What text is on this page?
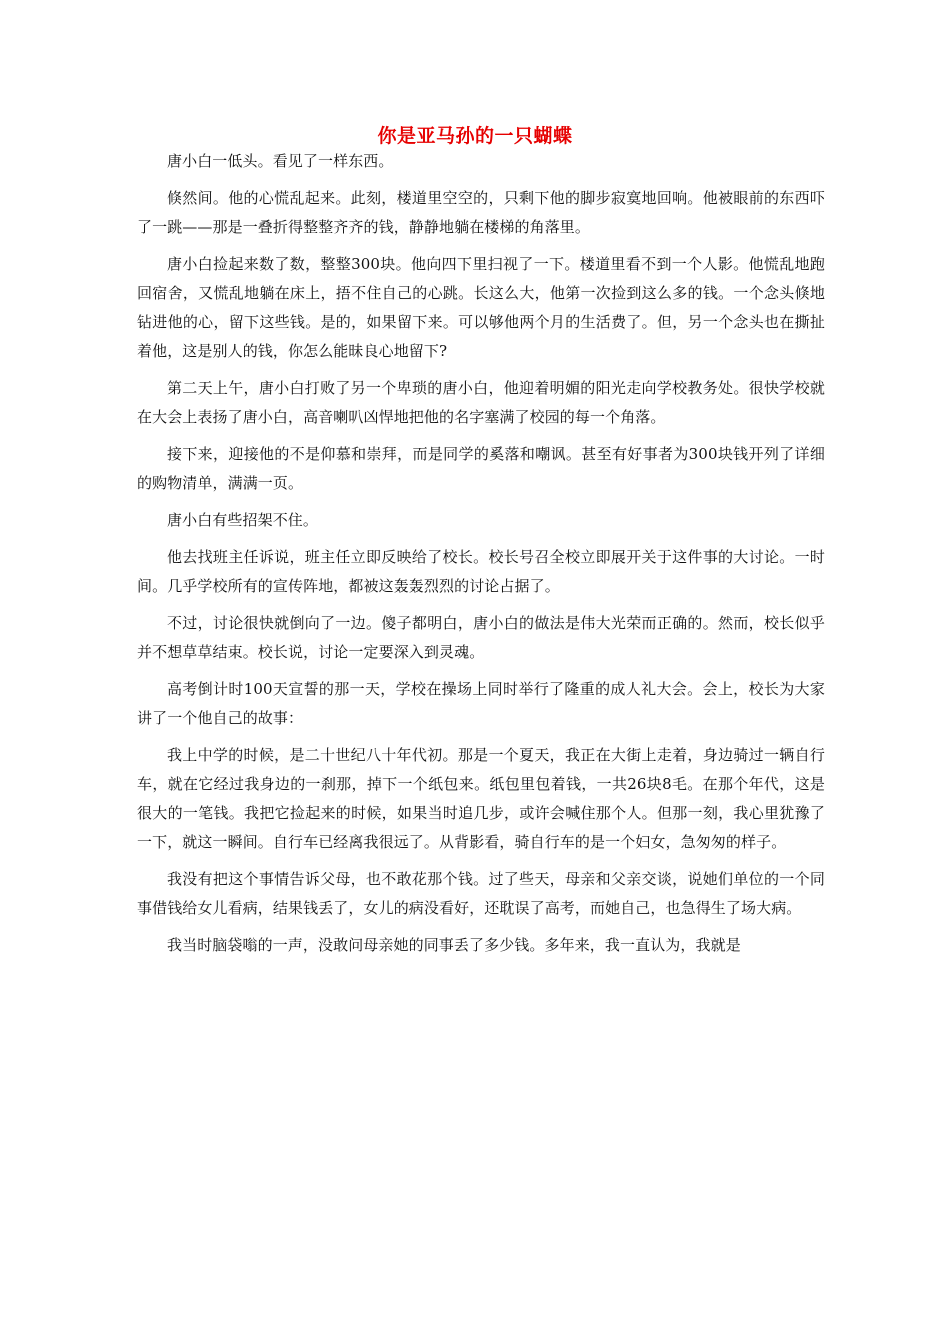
你是亚马孙的一只蝴蝶

唐小白一低头。看见了一样东西。

倏然间。他的心慌乱起来。此刻，楼道里空空的，只剩下他的脚步寂寞地回响。他被眼前的东西吓了一跳——那是一叠折得整整齐齐的钱，静静地躺在楼梯的角落里。

唐小白捡起来数了数，整整300块。他向四下里扫视了一下。楼道里看不到一个人影。他慌乱地跑回宿舍，又慌乱地躺在床上，捂不住自己的心跳。长这么大，他第一次捡到这么多的钱。一个念头倏地钻进他的心，留下这些钱。是的，如果留下来。可以够他两个月的生活费了。但，另一个念头也在撕扯着他，这是别人的钱，你怎么能昧良心地留下?

第二天上午，唐小白打败了另一个卑琐的唐小白，他迎着明媚的阳光走向学校教务处。很快学校就在大会上表扬了唐小白，高音喇叭凶悍地把他的名字塞满了校园的每一个角落。

接下来，迎接他的不是仰慕和崇拜，而是同学的奚落和嘲讽。甚至有好事者为300块钱开列了详细的购物清单，满满一页。

唐小白有些招架不住。

他去找班主任诉说，班主任立即反映给了校长。校长号召全校立即展开关于这件事的大讨论。一时间。几乎学校所有的宣传阵地，都被这轰轰烈烈的讨论占据了。

不过，讨论很快就倒向了一边。傻子都明白，唐小白的做法是伟大光荣而正确的。然而，校长似乎并不想草草结束。校长说，讨论一定要深入到灵魂。

高考倒计时100天宣誓的那一天，学校在操场上同时举行了隆重的成人礼大会。会上，校长为大家讲了一个他自己的故事：

我上中学的时候，是二十世纪八十年代初。那是一个夏天，我正在大街上走着，身边骑过一辆自行车，就在它经过我身边的一刹那，掉下一个纸包来。纸包里包着钱，一共26块8毛。在那个年代，这是很大的一笔钱。我把它捡起来的时候，如果当时追几步，或许会喊住那个人。但那一刻，我心里犹豫了一下，就这一瞬间。自行车已经离我很远了。从背影看，骑自行车的是一个妇女，急匆匆的样子。

我没有把这个事情告诉父母，也不敢花那个钱。过了些天，母亲和父亲交谈，说她们单位的一个同事借钱给女儿看病，结果钱丢了，女儿的病没看好，还耽误了高考，而她自己，也急得生了场大病。

我当时脑袋嗡的一声，没敢问母亲她的同事丢了多少钱。多年来，我一直认为，我就是
